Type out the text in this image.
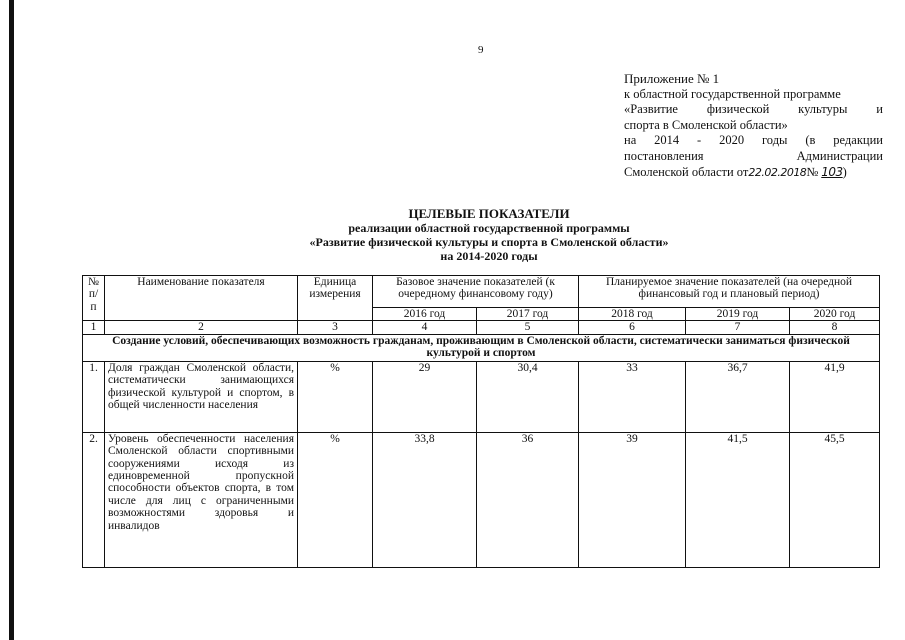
9
Приложение № 1
к областной государственной программе
«Развитие физической культуры и
спорта в Смоленской области»
на 2014 - 2020 годы (в редакции
постановления Администрации
Смоленской области от22.02.2018№ 103)
ЦЕЛЕВЫЕ ПОКАЗАТЕЛИ
реализации областной государственной программы
«Развитие физической культуры и спорта в Смоленской области»
на 2014-2020 годы
№ п/п	Наименование показателя	Единица измерения	Базовое значение показателей (к очередному финансовому году)		Планируемое значение показателей (на очередной финансовый год и плановый период)		
			2016 год	2017 год	2018 год	2019 год	2020 год
1	2	3	4	5	6	7	8
Создание условий, обеспечивающих возможность гражданам, проживающим в Смоленской области, систематически заниматься физической культурой и спортом							
1.	Доля граждан Смоленской области, систематически занимающихся физической культурой и спортом, в общей численности населения	%	29	30,4	33	36,7	41,9
2.	Уровень обеспеченности населения Смоленской области спортивными сооружениями исходя из единовременной пропускной способности объектов спорта, в том числе для лиц с ограниченными возможностями здоровья и инвалидов	%	33,8	36	39	41,5	45,5
